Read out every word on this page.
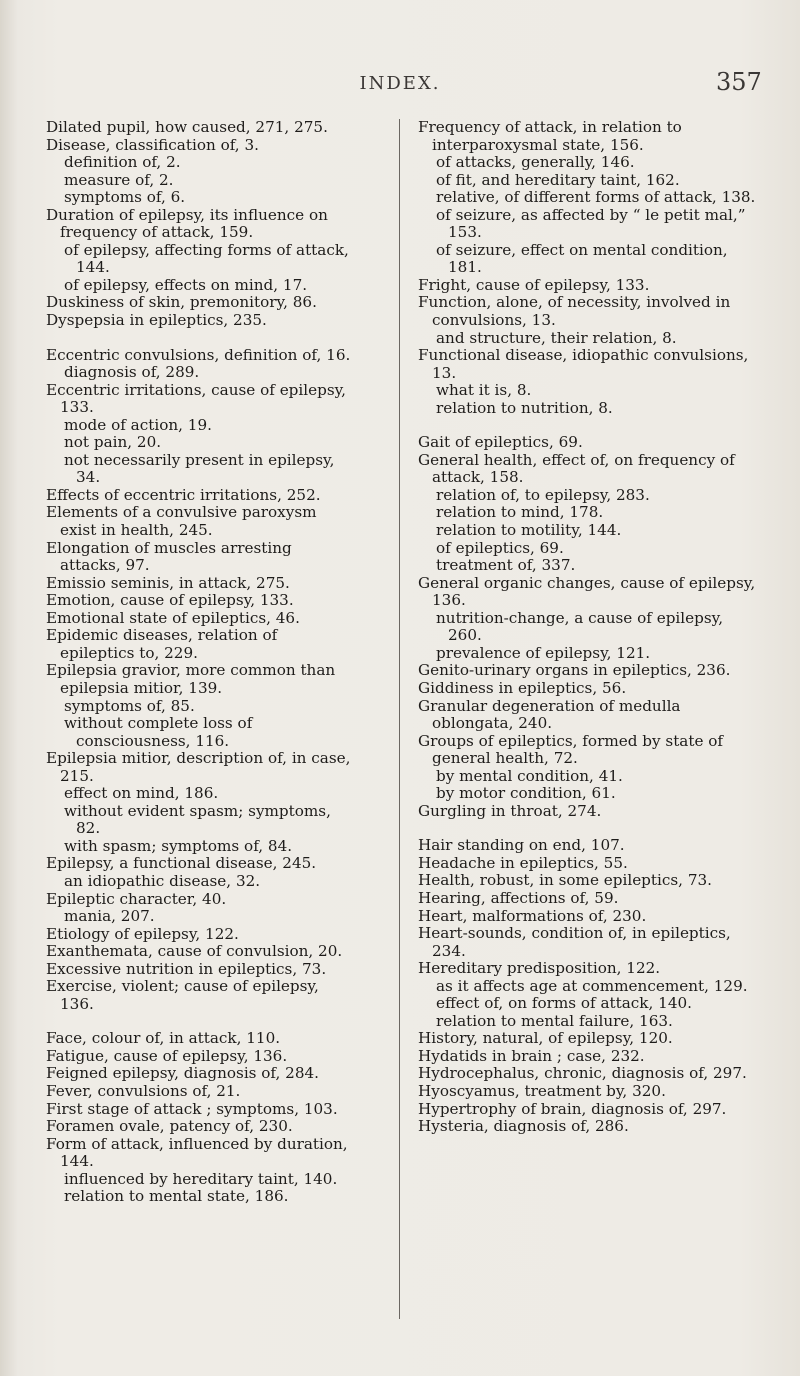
INDEX.	357
Dilated pupil, how caused, 271, 275.
Disease, classification of, 3.
definition of, 2.
measure of, 2.
symptoms of, 6.
Duration of epilepsy, its influence on frequency of attack, 159.
of epilepsy, affecting forms of attack, 144.
of epilepsy, effects on mind, 17.
Duskiness of skin, premonitory, 86.
Dyspepsia in epileptics, 235.
Eccentric convulsions, definition of, 16.
diagnosis of, 289.
Eccentric irritations, cause of epilepsy, 133.
mode of action, 19.
not pain, 20.
not necessarily present in epilepsy, 34.
Effects of eccentric irritations, 252.
Elements of a convulsive paroxysm exist in health, 245.
Elongation of muscles arresting attacks, 97.
Emissio seminis, in attack, 275.
Emotion, cause of epilepsy, 133.
Emotional state of epileptics, 46.
Epidemic diseases, relation of epileptics to, 229.
Epilepsia gravior, more common than epilepsia mitior, 139.
symptoms of, 85.
without complete loss of consciousness, 116.
Epilepsia mitior, description of, in case, 215.
effect on mind, 186.
without evident spasm; symptoms, 82.
with spasm; symptoms of, 84.
Epilepsy, a functional disease, 245.
an idiopathic disease, 32.
Epileptic character, 40.
mania, 207.
Etiology of epilepsy, 122.
Exanthemata, cause of convulsion, 20.
Excessive nutrition in epileptics, 73.
Exercise, violent; cause of epilepsy, 136.
Face, colour of, in attack, 110.
Fatigue, cause of epilepsy, 136.
Feigned epilepsy, diagnosis of, 284.
Fever, convulsions of, 21.
First stage of attack ; symptoms, 103.
Foramen ovale, patency of, 230.
Form of attack, influenced by duration, 144.
influenced by hereditary taint, 140.
relation to mental state, 186.
Frequency of attack, in relation to interparoxysmal state, 156.
of attacks, generally, 146.
of fit, and hereditary taint, 162.
relative, of different forms of attack, 138.
of seizure, as affected by “ le petit mal,” 153.
of seizure, effect on mental condition, 181.
Fright, cause of epilepsy, 133.
Function, alone, of necessity, involved in convulsions, 13.
and structure, their relation, 8.
Functional disease, idiopathic convulsions, 13.
what it is, 8.
relation to nutrition, 8.
Gait of epileptics, 69.
General health, effect of, on frequency of attack, 158.
relation of, to epilepsy, 283.
relation to mind, 178.
relation to motility, 144.
of epileptics, 69.
treatment of, 337.
General organic changes, cause of epilepsy, 136.
nutrition-change, a cause of epilepsy, 260.
prevalence of epilepsy, 121.
Genito-urinary organs in epileptics, 236.
Giddiness in epileptics, 56.
Granular degeneration of medulla oblongata, 240.
Groups of epileptics, formed by state of general health, 72.
by mental condition, 41.
by motor condition, 61.
Gurgling in throat, 274.
Hair standing on end, 107.
Headache in epileptics, 55.
Health, robust, in some epileptics, 73.
Hearing, affections of, 59.
Heart, malformations of, 230.
Heart-sounds, condition of, in epileptics, 234.
Hereditary predisposition, 122.
as it affects age at commencement, 129.
effect of, on forms of attack, 140.
relation to mental failure, 163.
History, natural, of epilepsy, 120.
Hydatids in brain ; case, 232.
Hydrocephalus, chronic, diagnosis of, 297.
Hyoscyamus, treatment by, 320.
Hypertrophy of brain, diagnosis of, 297.
Hysteria, diagnosis of, 286.
